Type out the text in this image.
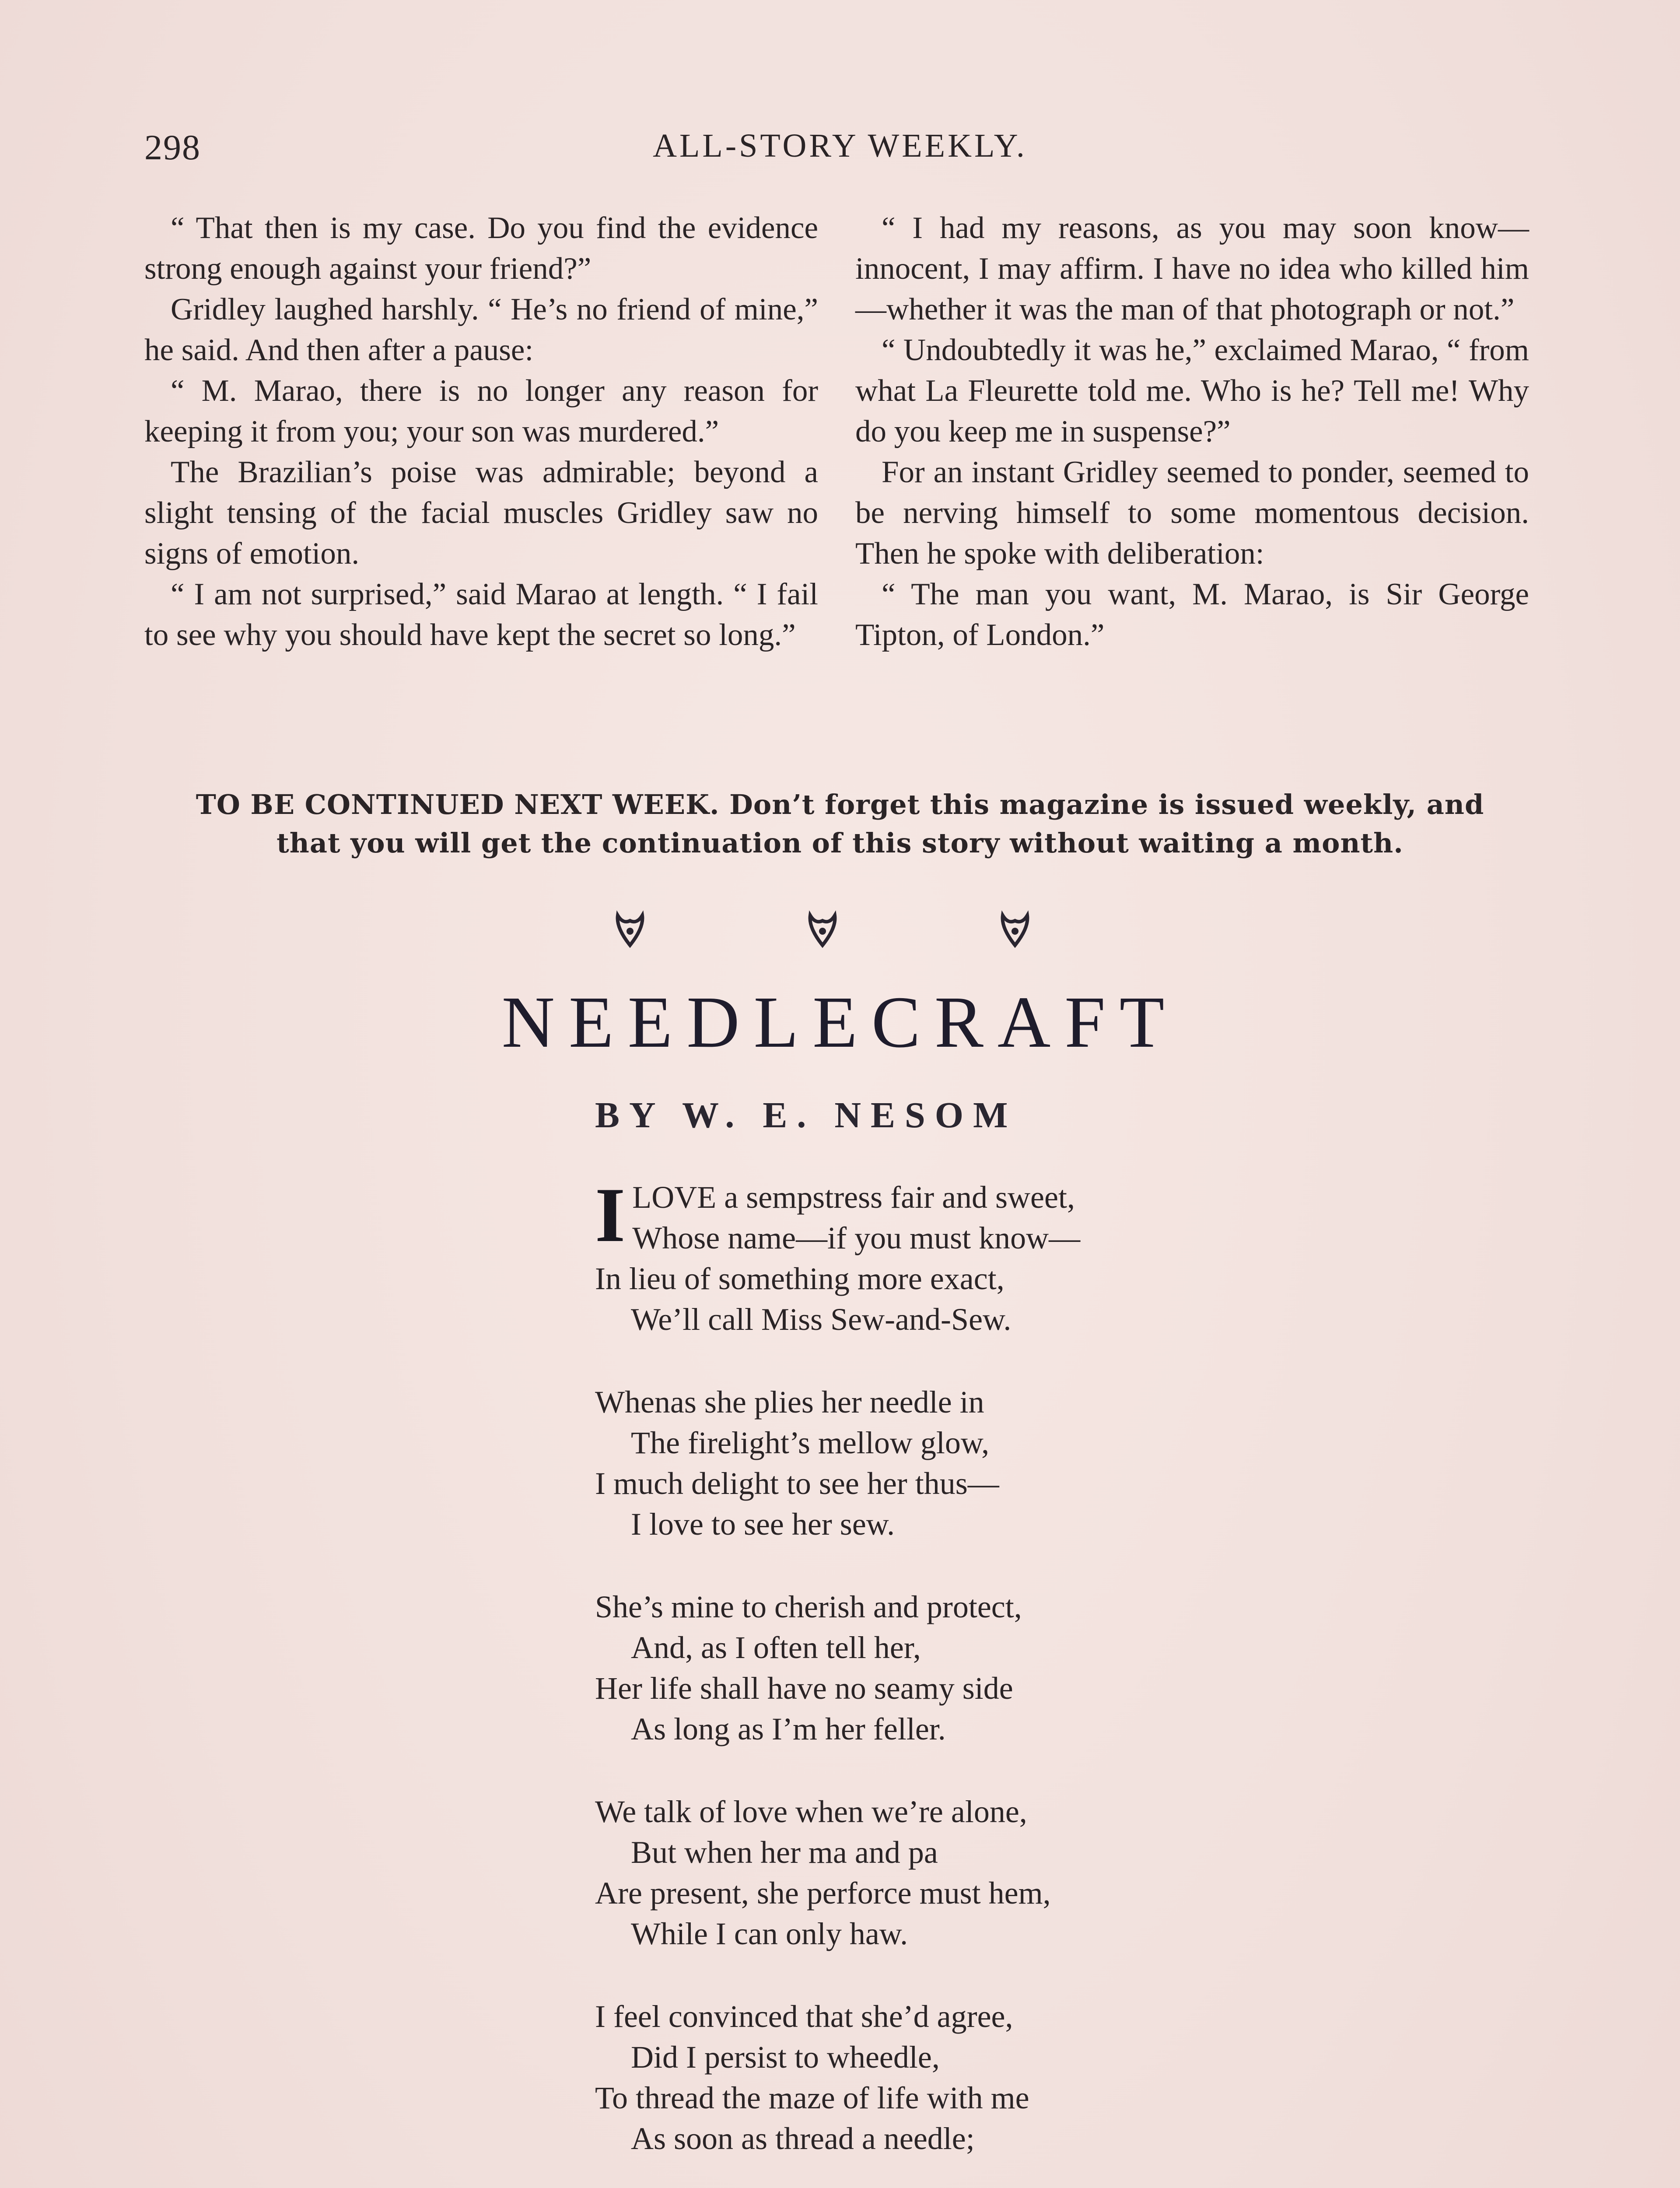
298	ALL-STORY WEEKLY.

“ That then is my case. Do you find the evidence strong enough against your friend?”

Gridley laughed harshly. “ He’s no friend of mine,” he said. And then after a pause:

“ M. Marao, there is no longer any reason for keeping it from you; your son was murdered.”

The Brazilian’s poise was admirable; beyond a slight tensing of the facial muscles Gridley saw no signs of emotion.

“ I am not surprised,” said Marao at length. “ I fail to see why you should have kept the secret so long.”

“ I had my reasons, as you may soon know—innocent, I may affirm. I have no idea who killed him—whether it was the man of that photograph or not.”

“ Undoubtedly it was he,” exclaimed Marao, “ from what La Fleurette told me. Who is he? Tell me! Why do you keep me in suspense?”

For an instant Gridley seemed to ponder, seemed to be nerving himself to some momentous decision. Then he spoke with deliberation:

“ The man you want, M. Marao, is Sir George Tipton, of London.”

TO BE CONTINUED NEXT WEEK. Don’t forget this magazine is issued weekly, and
that you will get the continuation of this story without waiting a month.
NEEDLECRAFT
BY W. E. NESOM
I LOVE a sempstress fair and sweet,
Whose name—if you must know—
In lieu of something more exact,
We’ll call Miss Sew-and-Sew.
Whenas she plies her needle in
The firelight’s mellow glow,
I much delight to see her thus—
I love to see her sew.
She’s mine to cherish and protect,
And, as I often tell her,
Her life shall have no seamy side
As long as I’m her feller.
We talk of love when we’re alone,
But when her ma and pa
Are present, she perforce must hem,
While I can only haw.
I feel convinced that she’d agree,
Did I persist to wheedle,
To thread the maze of life with me
As soon as thread a needle;
